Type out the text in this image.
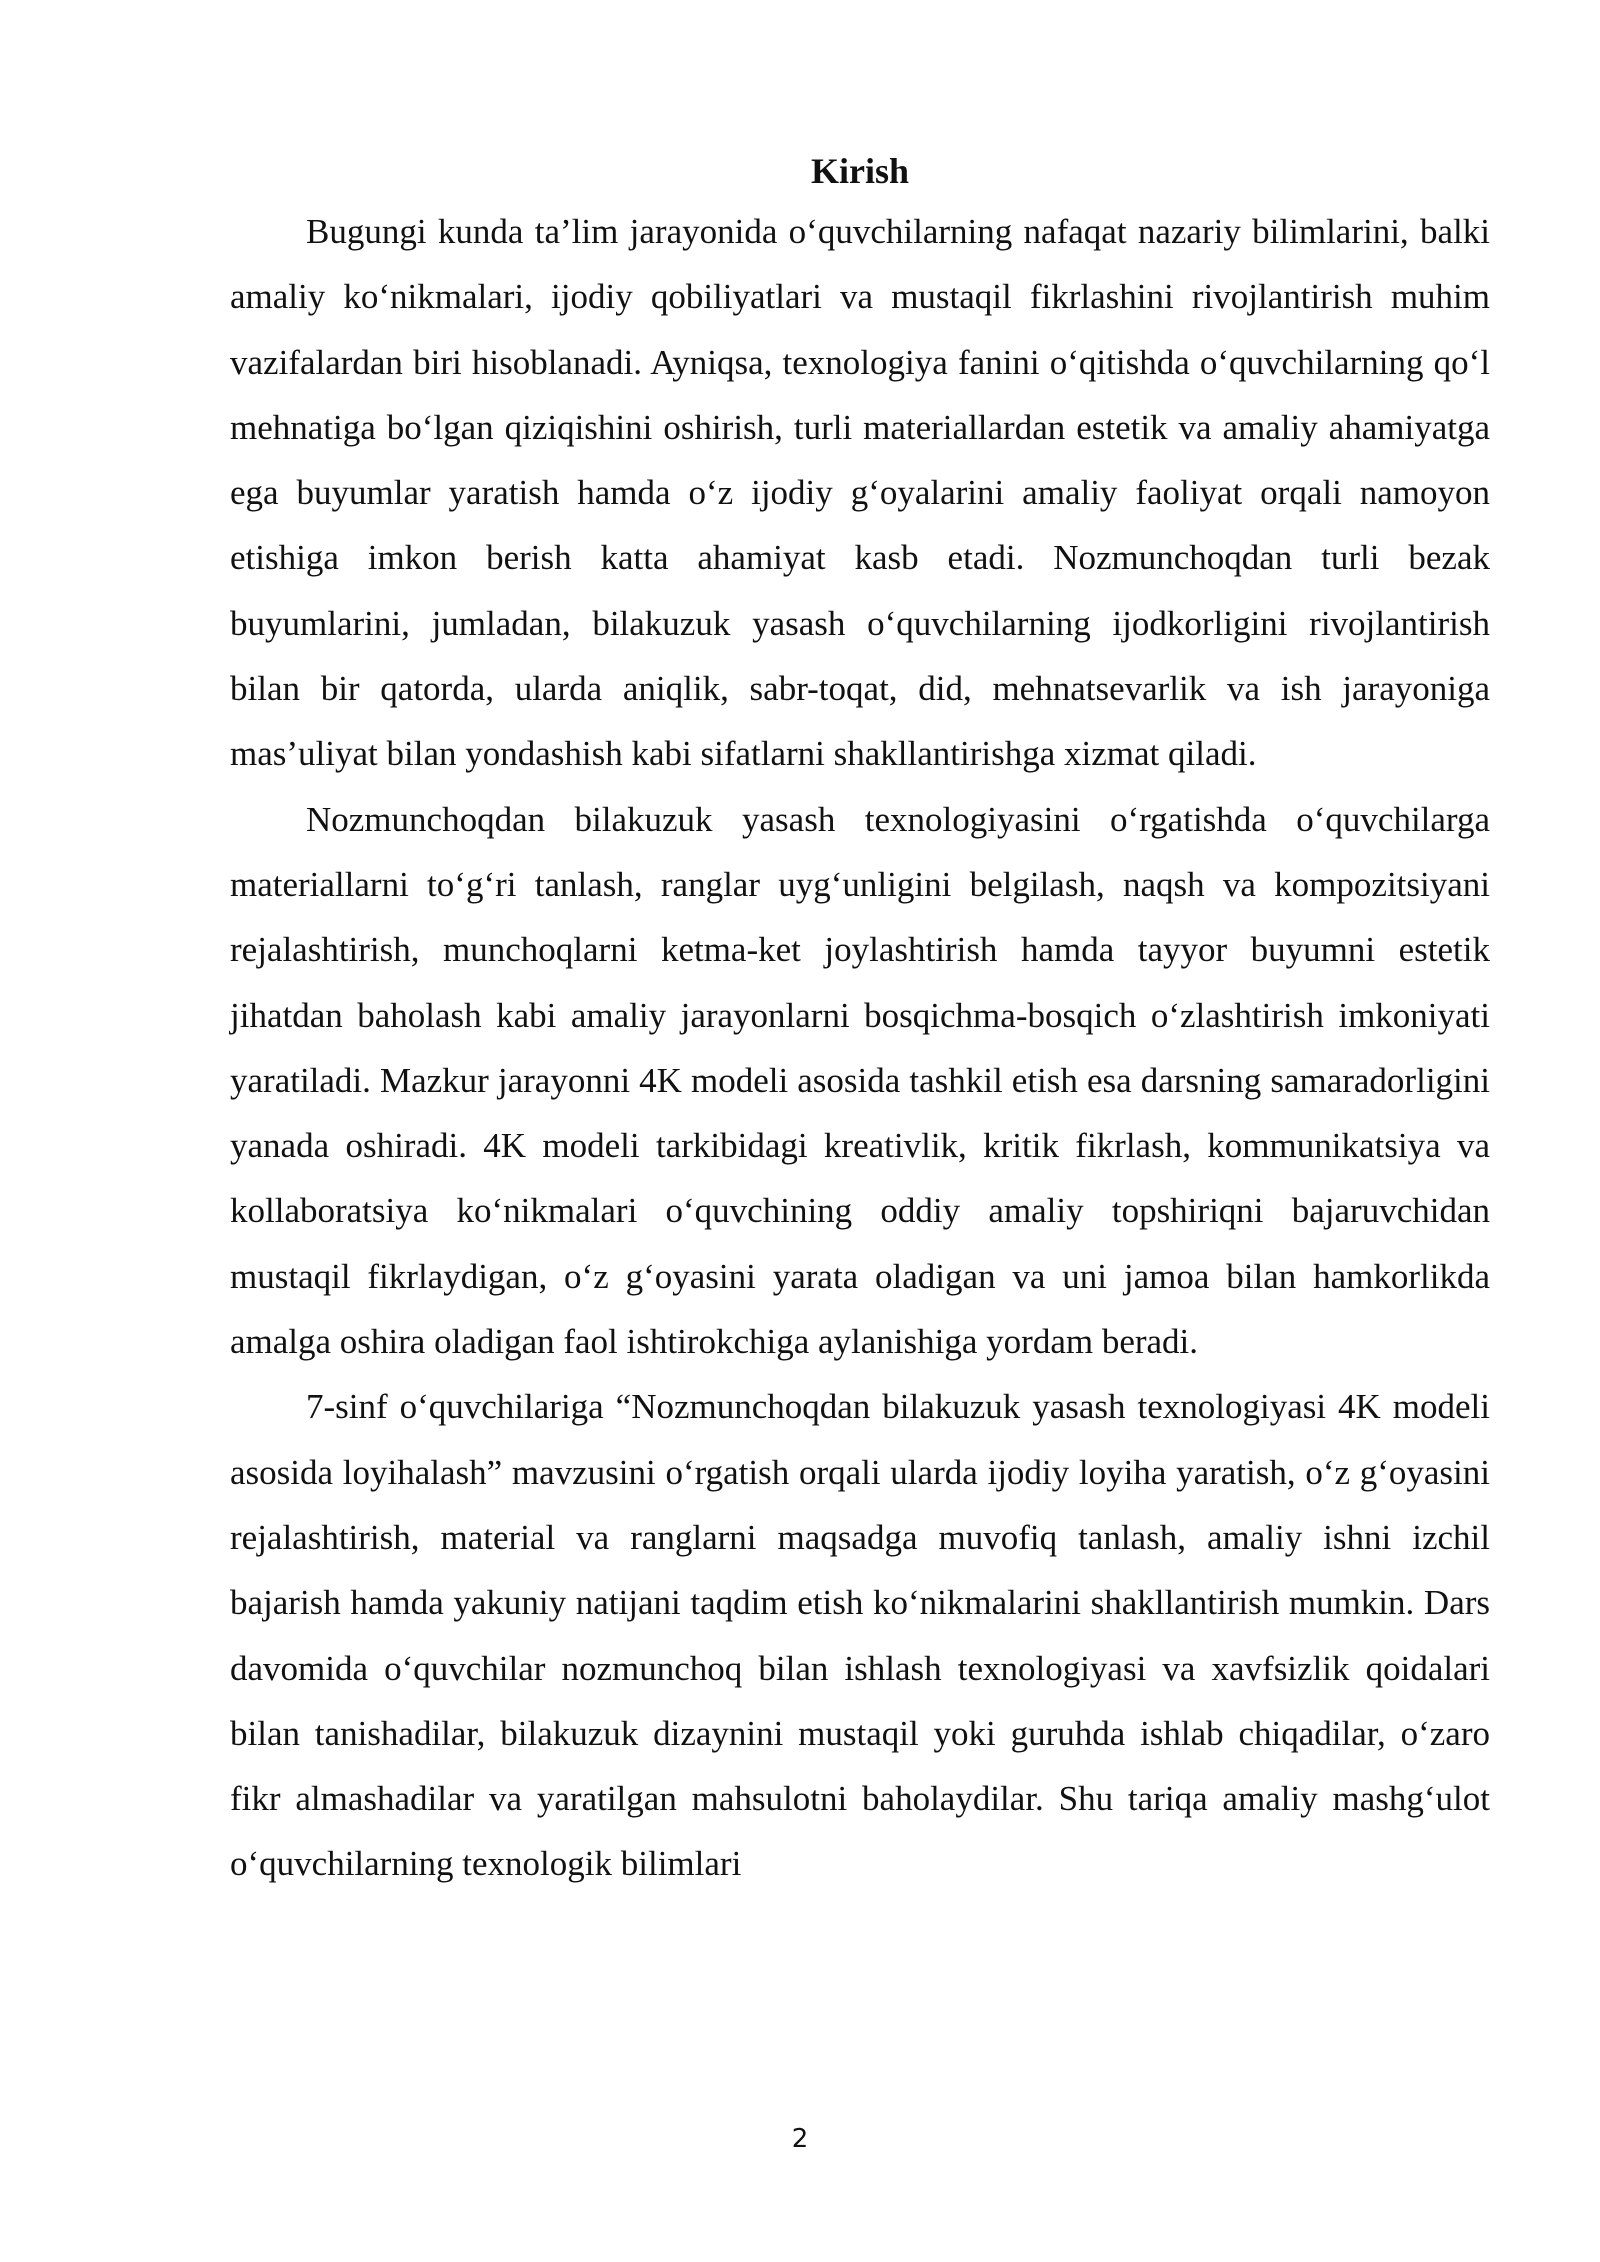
Kirish

Bugungi kunda ta’lim jarayonida o‘quvchilarning nafaqat nazariy bilimlarini, balki amaliy ko‘nikmalari, ijodiy qobiliyatlari va mustaqil fikrlashini rivojlantirish muhim vazifalardan biri hisoblanadi. Ayniqsa, texnologiya fanini o‘qitishda o‘quvchilarning qo‘l mehnatiga bo‘lgan qiziqishini oshirish, turli materiallardan estetik va amaliy ahamiyatga ega buyumlar yaratish hamda o‘z ijodiy g‘oyalarini amaliy faoliyat orqali namoyon etishiga imkon berish katta ahamiyat kasb etadi. Nozmunchoqdan turli bezak buyumlarini, jumladan, bilakuzuk yasash o‘quvchilarning ijodkorligini rivojlantirish bilan bir qatorda, ularda aniqlik, sabr-toqat, did, mehnatsevarlik va ish jarayoniga mas’uliyat bilan yondashish kabi sifatlarni shakllantirishga xizmat qiladi.

Nozmunchoqdan bilakuzuk yasash texnologiyasini o‘rgatishda o‘quvchilarga materiallarni to‘g‘ri tanlash, ranglar uyg‘unligini belgilash, naqsh va kompozitsiyani rejalashtirish, munchoqlarni ketma-ket joylashtirish hamda tayyor buyumni estetik jihatdan baholash kabi amaliy jarayonlarni bosqichma-bosqich o‘zlashtirish imkoniyati yaratiladi. Mazkur jarayonni 4K modeli asosida tashkil etish esa darsning samaradorligini yanada oshiradi. 4K modeli tarkibidagi kreativlik, kritik fikrlash, kommunikatsiya va kollaboratsiya ko‘nikmalari o‘quvchining oddiy amaliy topshiriqni bajaruvchidan mustaqil fikrlaydigan, o‘z g‘oyasini yarata oladigan va uni jamoa bilan hamkorlikda amalga oshira oladigan faol ishtirokchiga aylanishiga yordam beradi.

7-sinf o‘quvchilariga “Nozmunchoqdan bilakuzuk yasash texnologiyasi 4K modeli asosida loyihalash” mavzusini o‘rgatish orqali ularda ijodiy loyiha yaratish, o‘z g‘oyasini rejalashtirish, material va ranglarni maqsadga muvofiq tanlash, amaliy ishni izchil bajarish hamda yakuniy natijani taqdim etish ko‘nikmalarini shakllantirish mumkin. Dars davomida o‘quvchilar nozmunchoq bilan ishlash texnologiyasi va xavfsizlik qoidalari bilan tanishadilar, bilakuzuk dizaynini mustaqil yoki guruhda ishlab chiqadilar, o‘zaro fikr almashadilar va yaratilgan mahsulotni baholaydilar. Shu tariqa amaliy mashg‘ulot o‘quvchilarning texnologik bilimlari

2
